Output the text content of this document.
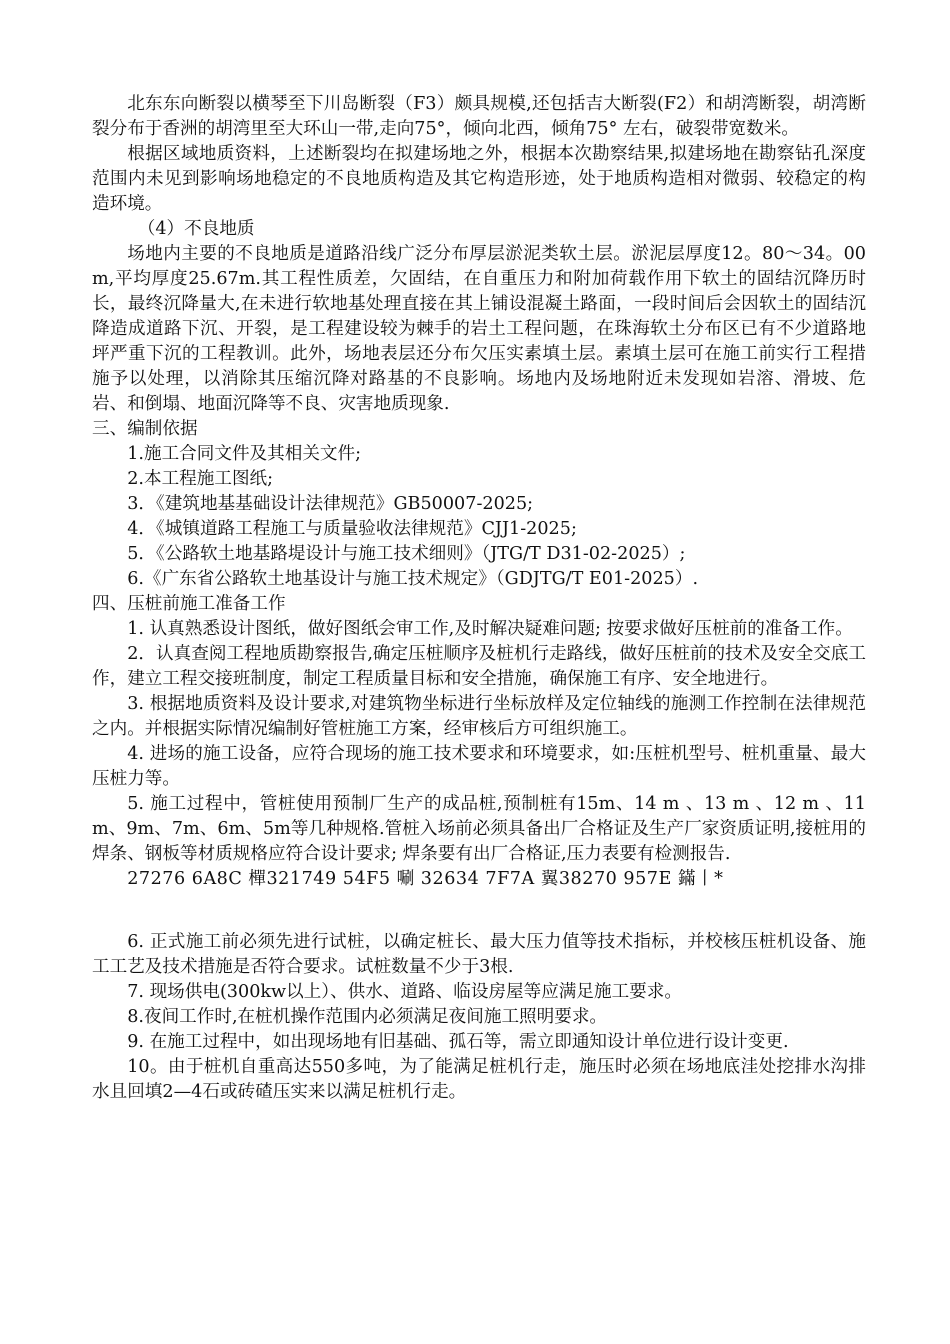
北东东向断裂以横琴至下川岛断裂（F3）颇具规模,还包括吉大断裂(F2）和胡湾断裂，胡湾断裂分布于香洲的胡湾里至大环山一带,走向75°，倾向北西，倾角75° 左右，破裂带宽数米。

根据区域地质资料，上述断裂均在拟建场地之外，根据本次勘察结果,拟建场地在勘察钻孔深度范围内未见到影响场地稳定的不良地质构造及其它构造形迹，处于地质构造相对微弱、较稳定的构造环境。

（4）不良地质

场地内主要的不良地质是道路沿线广泛分布厚层淤泥类软土层。淤泥层厚度12。80～34。00m,平均厚度25.67m.其工程性质差，欠固结，在自重压力和附加荷载作用下软土的固结沉降历时长，最终沉降量大,在未进行软地基处理直接在其上铺设混凝土路面，一段时间后会因软土的固结沉降造成道路下沉、开裂，是工程建设较为棘手的岩土工程问题，在珠海软土分布区已有不少道路地坪严重下沉的工程教训。此外，场地表层还分布欠压实素填土层。素填土层可在施工前实行工程措施予以处理，以消除其压缩沉降对路基的不良影响。场地内及场地附近未发现如岩溶、滑坡、危岩、和倒塌、地面沉降等不良、灾害地质现象.

三、编制依据

1.施工合同文件及其相关文件;

2.本工程施工图纸;

3．《建筑地基基础设计法律规范》GB50007-2025;

4．《城镇道路工程施工与质量验收法律规范》CJJ1-2025;

5．《公路软土地基路堤设计与施工技术细则》（JTG/T D31-02-2025）;

6.《广东省公路软土地基设计与施工技术规定》（GDJTG/T E01-2025）.

四、压桩前施工准备工作

1. 认真熟悉设计图纸，做好图纸会审工作,及时解决疑难问题; 按要求做好压桩前的准备工作。

2．认真查阅工程地质勘察报告,确定压桩顺序及桩机行走路线，做好压桩前的技术及安全交底工作，建立工程交接班制度，制定工程质量目标和安全措施，确保施工有序、安全地进行。

3. 根据地质资料及设计要求,对建筑物坐标进行坐标放样及定位轴线的施测工作控制在法律规范之内。并根据实际情况编制好管桩施工方案，经审核后方可组织施工。

4. 进场的施工设备，应符合现场的施工技术要求和环境要求，如:压桩机型号、桩机重量、最大压桩力等。

5. 施工过程中，管桩使用预制厂生产的成品桩,预制桩有15m、14 m 、13 m 、12 m 、11m、9m、7m、6m、5m等几种规格.管桩入场前必须具备出厂合格证及生产厂家资质证明,接桩用的焊条、钢板等材质规格应符合设计要求; 焊条要有出厂合格证,压力表要有检测报告.

27276 6A8C 樿321749 54F5 唰 32634 7F7A 翼38270 957E 鏋丨*

6. 正式施工前必须先进行试桩，以确定桩长、最大压力值等技术指标，并校核压桩机设备、施工工艺及技术措施是否符合要求。试桩数量不少于3根.

7. 现场供电(300kw以上）、供水、道路、临设房屋等应满足施工要求。

8.夜间工作时,在桩机操作范围内必须满足夜间施工照明要求。

9. 在施工过程中，如出现场地有旧基础、孤石等，需立即通知设计单位进行设计变更.

10。由于桩机自重高达550多吨，为了能满足桩机行走，施压时必须在场地底洼处挖排水沟排水且回填2—4石或砖碴压实来以满足桩机行走。
